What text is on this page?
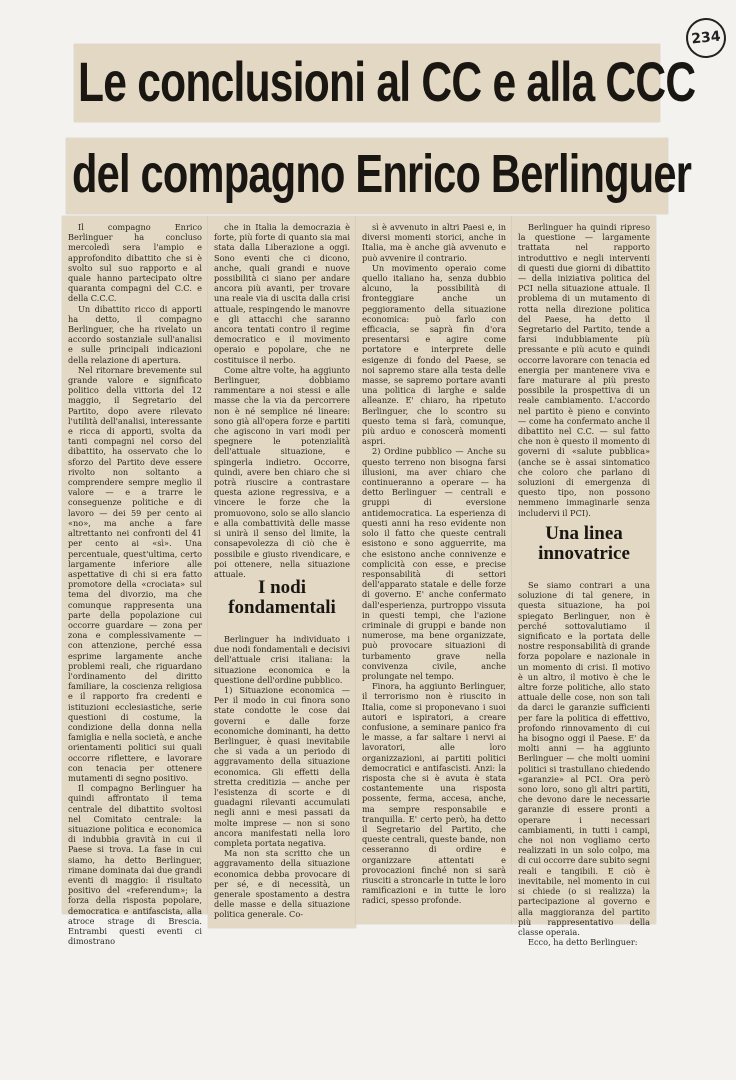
234
Le conclusioni al CC e alla CCC
del compagno Enrico Berlinguer

Il compagno Enrico Berlinguer ha concluso mercoledì sera l'ampio e approfondito dibattito che si è svolto sul suo rapporto e al quale hanno partecipato oltre quaranta compagni del C.C. e della C.C.C.

Un dibattito ricco di apporti ha detto, il compagno Berlinguer, che ha rivelato un accordo sostanziale sull'analisi e sulle principali indicazioni della relazione di apertura.

Nel ritornare brevemente sul grande valore e significato politico della vittoria del 12 maggio, il Segretario del Partito, dopo avere rilevato l'utilità dell'analisi, interessante e ricca di apporti, svolta da tanti compagni nel corso del dibattito, ha osservato che lo sforzo del Partito deve essere rivolto non soltanto a comprendere sempre meglio il valore — e a trarre le conseguenze politiche e di lavoro — dei 59 per cento ai «no», ma anche a fare altrettanto nei confronti del 41 per cento ai «sì». Una percentuale, quest'ultima, certo largamente inferiore alle aspettative di chi si era fatto promotore della «crociata» sul tema del divorzio, ma che comunque rappresenta una parte della popolazione cui occorre guardare — zona per zona e complessivamente — con attenzione, perché essa esprime largamente anche problemi reali, che riguardano l'ordinamento del diritto familiare, la coscienza religiosa e il rapporto fra credenti e istituzioni ecclesiastiche, serie questioni di costume, la condizione della donna nella famiglia e nella società, e anche orientamenti politici sui quali occorre riflettere, e lavorare con tenacia per ottenere mutamenti di segno positivo.

Il compagno Berlinguer ha quindi affrontato il tema centrale del dibattito svoltosi nel Comitato centrale: la situazione politica e economica di indubbia gravità in cui il Paese si trova. La fase in cui siamo, ha detto Berlinguer, rimane dominata dai due grandi eventi di maggio: il risultato positivo del «referendum»; la forza della risposta popolare, democratica e antifascista, alla atroce strage di Brescia. Entrambi questi eventi ci dimostrano

che in Italia la democrazia è forte, più forte di quanto sia mai stata dalla Liberazione a oggi. Sono eventi che ci dicono, anche, quali grandi e nuove possibilità ci siano per andare ancora più avanti, per trovare una reale via di uscita dalla crisi attuale, respingendo le manovre e gli attacchi che saranno ancora tentati contro il regime democratico e il movimento operaio e popolare, che ne costituisce il nerbo.

Come altre volte, ha aggiunto Berlinguer, dobbiamo rammentare a noi stessi e alle masse che la via da percorrere non è né semplice né lineare: sono già all'opera forze e partiti che agiscono in vari modi per spegnere le potenzialità dell'attuale situazione, e spingerla indietro. Occorre, quindi, avere ben chiaro che si potrà riuscire a contrastare questa azione regressiva, e a vincere le forze che la promuovono, solo se allo slancio e alla combattività delle masse si unirà il senso del limite, la consapevolezza di ciò che è possibile e giusto rivendicare, e poi ottenere, nella situazione attuale.

I nodi fondamentali

Berlinguer ha individuato i due nodi fondamentali e decisivi dell'attuale crisi italiana: la situazione economica e la questione dell'ordine pubblico.

1) Situazione economica — Per il modo in cui finora sono state condotte le cose dai governi e dalle forze economiche dominanti, ha detto Berlinguer, è quasi inevitabile che si vada a un periodo di aggravamento della situazione economica. Gli effetti della stretta creditizia — anche per l'esistenza di scorte e di guadagni rilevanti accumulati negli anni e mesi passati da molte imprese — non si sono ancora manifestati nella loro completa portata negativa.

Ma non sta scritto che un aggravamento della situazione economica debba provocare di per sé, e di necessità, un generale spostamento a destra delle masse e della situazione politica generale. Co-

sì è avvenuto in altri Paesi e, in diversi momenti storici, anche in Italia, ma è anche già avvenuto e può avvenire il contrario.

Un movimento operaio come quello italiano ha, senza dubbio alcuno, la possibilità di fronteggiare anche un peggioramento della situazione economica: può farlo con efficacia, se saprà fin d'ora presentarsi e agire come portatore e interprete delle esigenze di fondo del Paese, se noi sapremo stare alla testa delle masse, se sapremo portare avanti una politica di larghe e salde alleanze. E' chiaro, ha ripetuto Berlinguer, che lo scontro su questo tema si farà, comunque, più arduo e conoscerà momenti aspri.

2) Ordine pubblico — Anche su questo terreno non bisogna farsi illusioni, ma aver chiaro che continueranno a operare — ha detto Berlinguer — centrali e gruppi di eversione antidemocratica. La esperienza di questi anni ha reso evidente non solo il fatto che queste centrali esistono e sono agguerrite, ma che esistono anche connivenze e complicità con esse, e precise responsabilità di settori dell'apparato statale e delle forze di governo. E' anche confermato dall'esperienza, purtroppo vissuta in questi tempi, che l'azione criminale di gruppi e bande non numerose, ma bene organizzate, può provocare situazioni di turbamento grave nella convivenza civile, anche prolungate nel tempo.

Finora, ha aggiunto Berlinguer, il terrorismo non è riuscito in Italia, come si proponevano i suoi autori e ispiratori, a creare confusione, a seminare panico fra le masse, a far saltare i nervi ai lavoratori, alle loro organizzazioni, ai partiti politici democratici e antifascisti. Anzi: la risposta che si è avuta è stata costantemente una risposta possente, ferma, accesa, anche, ma sempre responsabile e tranquilla. E' certo però, ha detto il Segretario del Partito, che queste centrali, queste bande, non cesseranno di ordire e organizzare attentati e provocazioni finché non si sarà riusciti a stroncarle in tutte le loro ramificazioni e in tutte le loro radici, spesso profonde.

Berlinguer ha quindi ripreso la questione — largamente trattata nel rapporto introduttivo e negli interventi di questi due giorni di dibattito — della iniziativa politica del PCI nella situazione attuale. Il problema di un mutamento di rotta nella direzione politica del Paese, ha detto il Segretario del Partito, tende a farsi indubbiamente più pressante e più acuto e quindi occorre lavorare con tenacia ed energia per mantenere viva e fare maturare al più presto possibile la prospettiva di un reale cambiamento. L'accordo nel partito è pieno e convinto — come ha confermato anche il dibattito nel C.C. — sul fatto che non è questo il momento di governi di «salute pubblica» (anche se è assai sintomatico che coloro che parlano di soluzioni di emergenza di questo tipo, non possono nemmeno immaginarle senza includervi il PCI).

Una linea innovatrice

Se siamo contrari a una soluzione di tal genere, in questa situazione, ha poi spiegato Berlinguer, non è perché sottovalutiamo il significato e la portata delle nostre responsabilità di grande forza popolare e nazionale in un momento di crisi. Il motivo è un altro, il motivo è che le altre forze politiche, allo stato attuale delle cose, non son tali da darci le garanzie sufficienti per fare la politica di effettivo, profondo rinnovamento di cui ha bisogno oggi il Paese. E' da molti anni — ha aggiunto Berlinguer — che molti uomini politici si trastullano chiedendo «garanzie» al PCI. Ora però sono loro, sono gli altri partiti, che devono dare le necessarie garanzie di essere pronti a operare i necessari cambiamenti, in tutti i campi, che noi non vogliamo certo realizzati in un solo colpo, ma di cui occorre dare subito segni reali e tangibili. E ciò è inevitabile, nel momento in cui si chiede (o si realizza) la partecipazione al governo e alla maggioranza del partito più rappresentativo della classe operaia.

Ecco, ha detto Berlinguer:
